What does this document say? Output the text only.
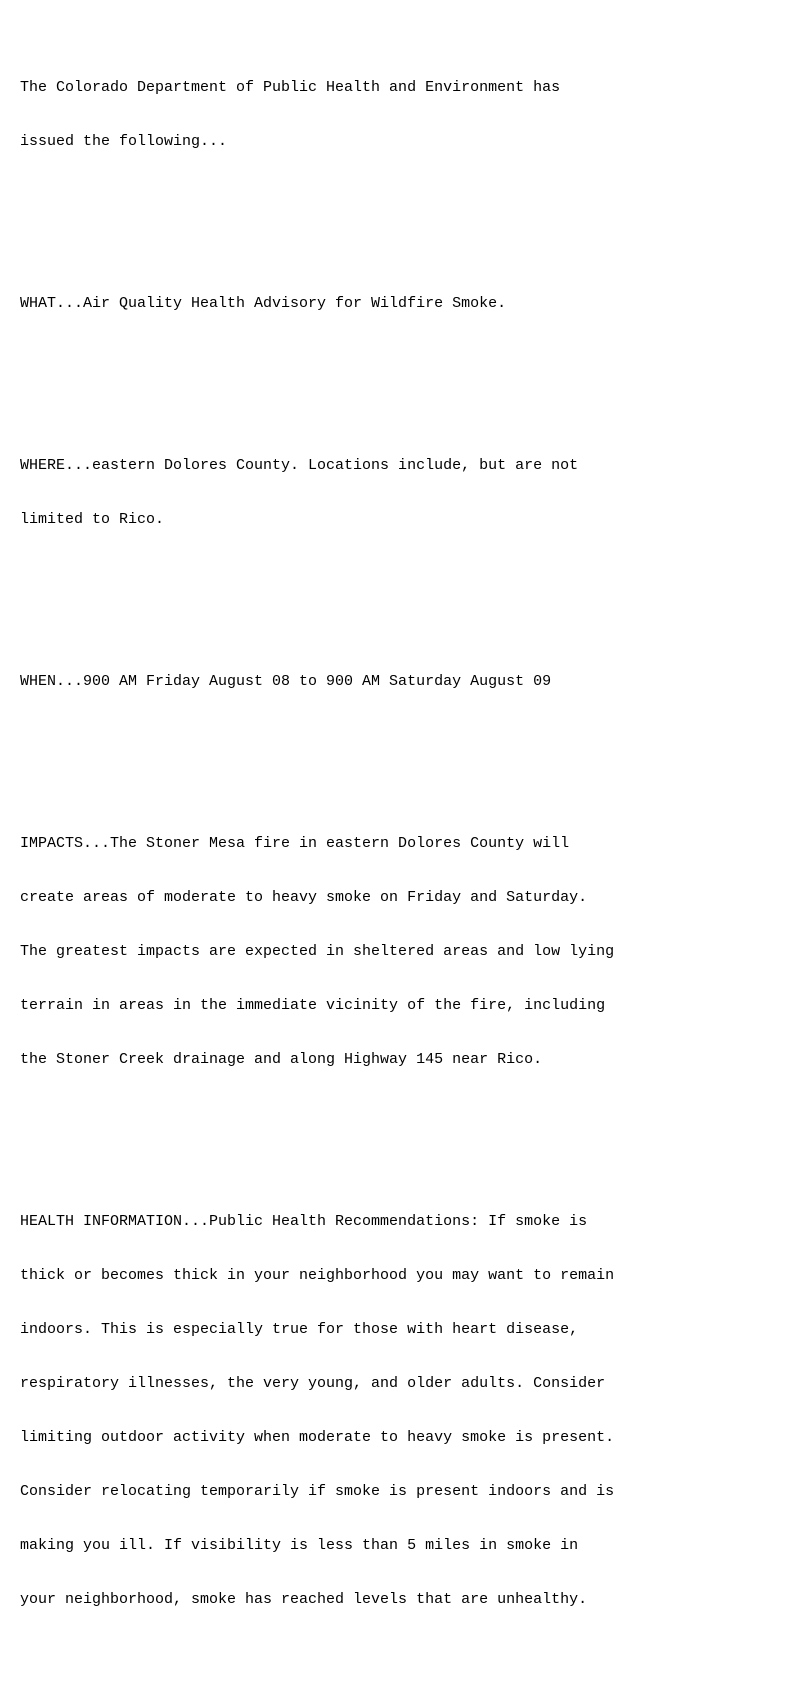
The Colorado Department of Public Health and Environment has

issued the following...

WHAT...Air Quality Health Advisory for Wildfire Smoke.

WHERE...eastern Dolores County. Locations include, but are not

limited to Rico.

WHEN...900 AM Friday August 08 to 900 AM Saturday August 09

IMPACTS...The Stoner Mesa fire in eastern Dolores County will

create areas of moderate to heavy smoke on Friday and Saturday.

The greatest impacts are expected in sheltered areas and low lying

terrain in areas in the immediate vicinity of the fire, including

the Stoner Creek drainage and along Highway 145 near Rico.

HEALTH INFORMATION...Public Health Recommendations: If smoke is

thick or becomes thick in your neighborhood you may want to remain

indoors. This is especially true for those with heart disease,

respiratory illnesses, the very young, and older adults. Consider

limiting outdoor activity when moderate to heavy smoke is present.

Consider relocating temporarily if smoke is present indoors and is

making you ill. If visibility is less than 5 miles in smoke in

your neighborhood, smoke has reached levels that are unhealthy.
